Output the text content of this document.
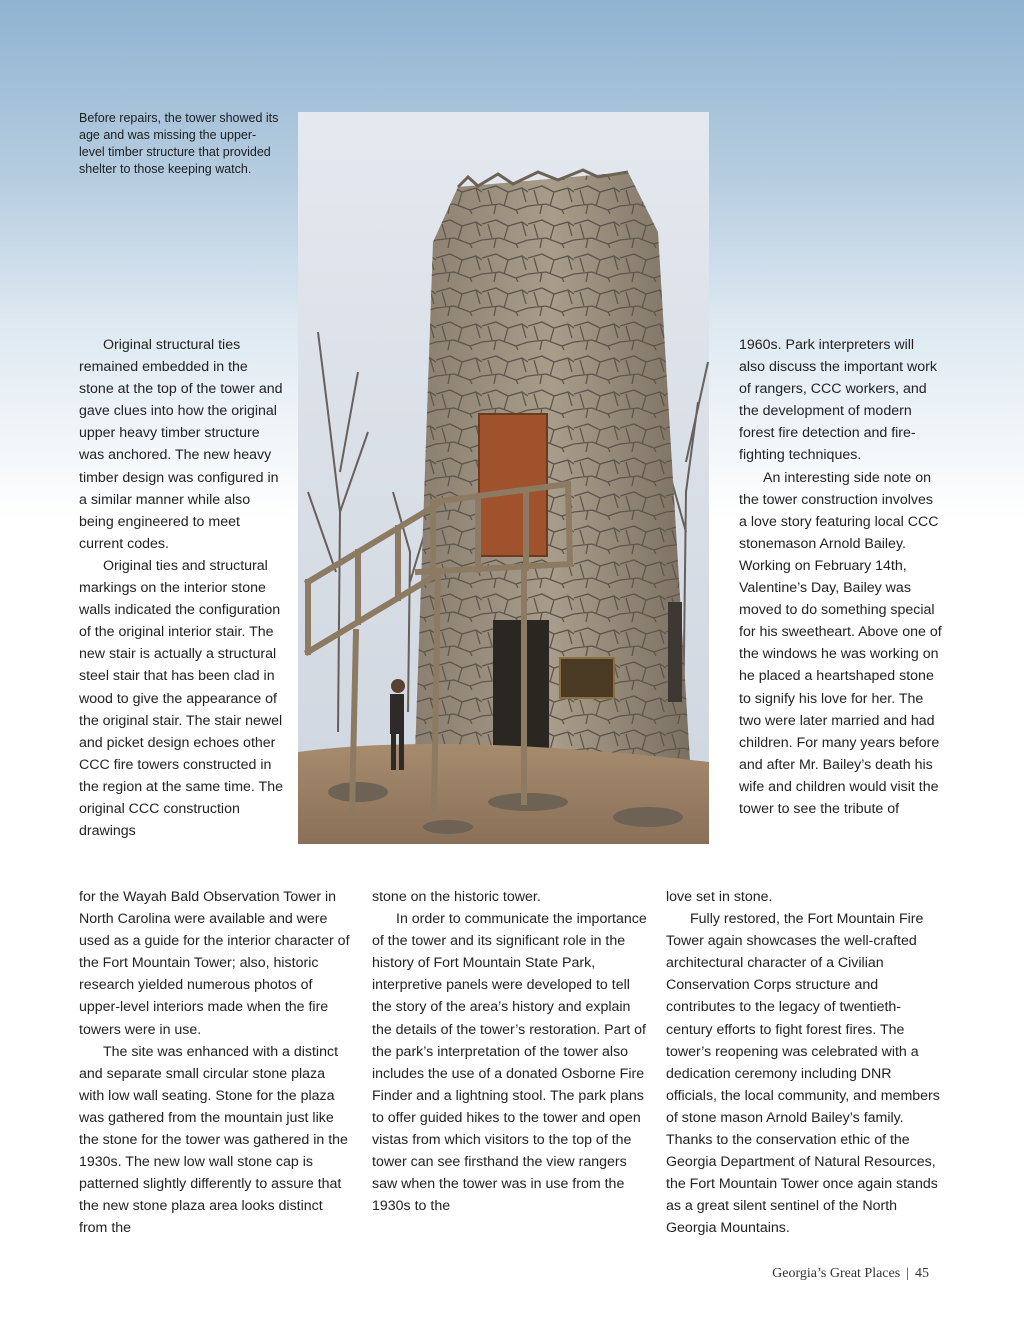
Before repairs, the tower showed its age and was missing the upper-level timber structure that provided shelter to those keeping watch.

Original structural ties remained embedded in the stone at the top of the tower and gave clues into how the original upper heavy timber structure was anchored. The new heavy timber design was configured in a similar manner while also being engineered to meet current codes.

Original ties and structural markings on the interior stone walls indicated the configuration of the original interior stair. The new stair is actually a structural steel stair that has been clad in wood to give the appearance of the original stair. The stair newel and picket design echoes other CCC fire towers constructed in the region at the same time. The original CCC construction drawings

for the Wayah Bald Observation Tower in North Carolina were available and were used as a guide for the interior character of the Fort Mountain Tower; also, historic research yielded numerous photos of upper-level interiors made when the fire towers were in use.

The site was enhanced with a distinct and separate small circular stone plaza with low wall seating. Stone for the plaza was gathered from the mountain just like the stone for the tower was gathered in the 1930s. The new low wall stone cap is patterned slightly differently to assure that the new stone plaza area looks distinct from the

stone on the historic tower.

In order to communicate the importance of the tower and its significant role in the history of Fort Mountain State Park, interpretive panels were developed to tell the story of the area’s history and explain the details of the tower’s restoration. Part of the park’s interpretation of the tower also includes the use of a donated Osborne Fire Finder and a lightning stool. The park plans to offer guided hikes to the tower and open vistas from which visitors to the top of the tower can see firsthand the view rangers saw when the tower was in use from the 1930s to the

1960s. Park interpreters will also discuss the important work of rangers, CCC workers, and the development of modern forest fire detection and fire-fighting techniques.

An interesting side note on the tower construction involves a love story featuring local CCC stonemason Arnold Bailey. Working on February 14th, Valentine’s Day, Bailey was moved to do something special for his sweetheart. Above one of the windows he was working on he placed a heartshaped stone to signify his love for her. The two were later married and had children. For many years before and after Mr. Bailey’s death his wife and children would visit the tower to see the tribute of

love set in stone.

Fully restored, the Fort Mountain Fire Tower again showcases the well-crafted architectural character of a Civilian Conservation Corps structure and contributes to the legacy of twentieth-century efforts to fight forest fires. The tower’s reopening was celebrated with a dedication ceremony including DNR officials, the local community, and members of stone mason Arnold Bailey’s family. Thanks to the conservation ethic of the Georgia Department of Natural Resources, the Fort Mountain Tower once again stands as a great silent sentinel of the North Georgia Mountains.

Georgia’s Great Places | 45
